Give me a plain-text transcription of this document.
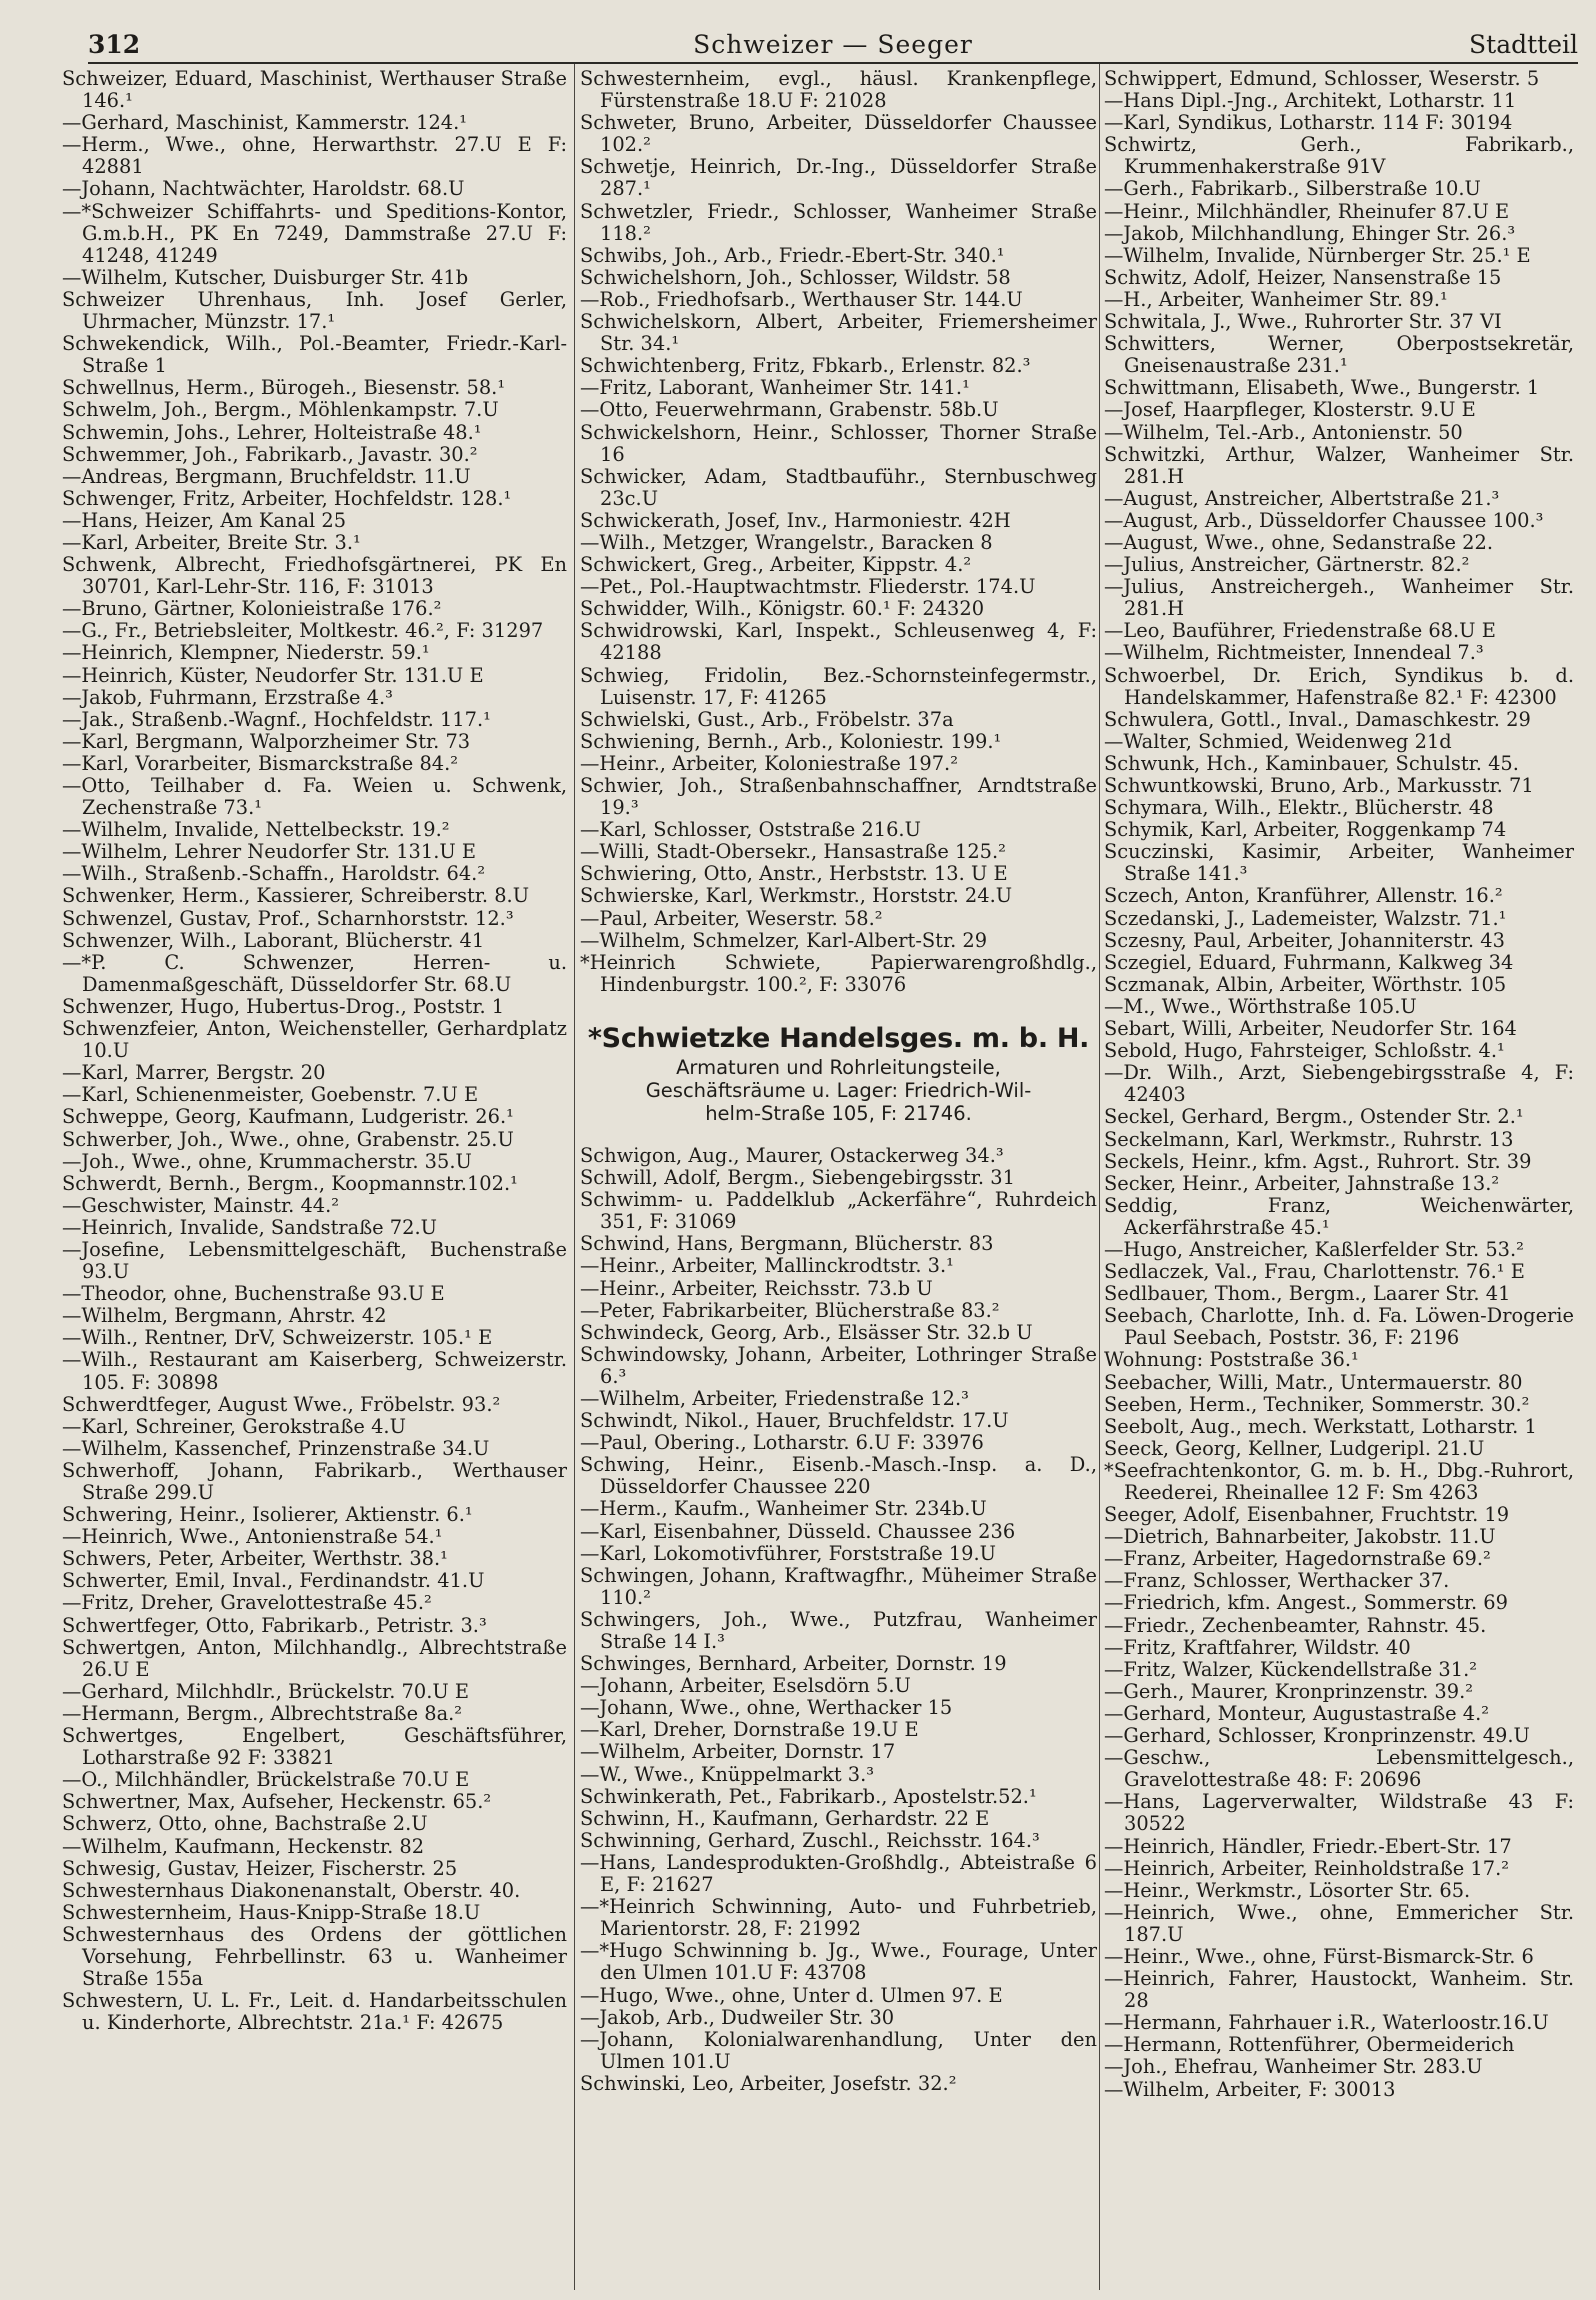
312	Schweizer — Seeger	Stadtteil

Schweizer, Eduard, Maschinist, Werthauser Straße 146.¹

—Gerhard, Maschinist, Kammerstr. 124.¹

—Herm., Wwe., ohne, Herwarthstr. 27.U E F: 42881

—Johann, Nachtwächter, Haroldstr. 68.U

—*Schweizer Schiffahrts- und Speditions-Kontor, G.m.b.H., PK En 7249, Dammstraße 27.U F: 41248, 41249

—Wilhelm, Kutscher, Duisburger Str. 41b

Schweizer Uhrenhaus, Inh. Josef Gerler, Uhrmacher, Münzstr. 17.¹

Schwekendick, Wilh., Pol.-Beamter, Friedr.-Karl-Straße 1

Schwellnus, Herm., Bürogeh., Biesenstr. 58.¹

Schwelm, Joh., Bergm., Möhlenkampstr. 7.U

Schwemin, Johs., Lehrer, Holteistraße 48.¹

Schwemmer, Joh., Fabrikarb., Javastr. 30.²

—Andreas, Bergmann, Bruchfeldstr. 11.U

Schwenger, Fritz, Arbeiter, Hochfeldstr. 128.¹

—Hans, Heizer, Am Kanal 25

—Karl, Arbeiter, Breite Str. 3.¹

Schwenk, Albrecht, Friedhofsgärtnerei, PK En 30701, Karl-Lehr-Str. 116, F: 31013

—Bruno, Gärtner, Kolonieistraße 176.²

—G., Fr., Betriebsleiter, Moltkestr. 46.², F: 31297

—Heinrich, Klempner, Niederstr. 59.¹

—Heinrich, Küster, Neudorfer Str. 131.U E

—Jakob, Fuhrmann, Erzstraße 4.³

—Jak., Straßenb.-Wagnf., Hochfeldstr. 117.¹

—Karl, Bergmann, Walporzheimer Str. 73

—Karl, Vorarbeiter, Bismarckstraße 84.²

—Otto, Teilhaber d. Fa. Weien u. Schwenk, Zechenstraße 73.¹

—Wilhelm, Invalide, Nettelbeckstr. 19.²

—Wilhelm, Lehrer Neudorfer Str. 131.U E

—Wilh., Straßenb.-Schaffn., Haroldstr. 64.²

Schwenker, Herm., Kassierer, Schreiberstr. 8.U

Schwenzel, Gustav, Prof., Scharnhorststr. 12.³

Schwenzer, Wilh., Laborant, Blücherstr. 41

—*P. C. Schwenzer, Herren- u. Damenmaßgeschäft, Düsseldorfer Str. 68.U

Schwenzer, Hugo, Hubertus-Drog., Poststr. 1

Schwenzfeier, Anton, Weichensteller, Gerhardplatz 10.U

—Karl, Marrer, Bergstr. 20

—Karl, Schienenmeister, Goebenstr. 7.U E

Schweppe, Georg, Kaufmann, Ludgeristr. 26.¹

Schwerber, Joh., Wwe., ohne, Grabenstr. 25.U

—Joh., Wwe., ohne, Krummacherstr. 35.U

Schwerdt, Bernh., Bergm., Koopmannstr.102.¹

—Geschwister, Mainstr. 44.²

—Heinrich, Invalide, Sandstraße 72.U

—Josefine, Lebensmittelgeschäft, Buchenstraße 93.U

—Theodor, ohne, Buchenstraße 93.U E

—Wilhelm, Bergmann, Ahrstr. 42

—Wilh., Rentner, DrV, Schweizerstr. 105.¹ E

—Wilh., Restaurant am Kaiserberg, Schweizerstr. 105. F: 30898

Schwerdtfeger, August Wwe., Fröbelstr. 93.²

—Karl, Schreiner, Gerokstraße 4.U

—Wilhelm, Kassenchef, Prinzenstraße 34.U

Schwerhoff, Johann, Fabrikarb., Werthauser Straße 299.U

Schwering, Heinr., Isolierer, Aktienstr. 6.¹

—Heinrich, Wwe., Antonienstraße 54.¹

Schwers, Peter, Arbeiter, Werthstr. 38.¹

Schwerter, Emil, Inval., Ferdinandstr. 41.U

—Fritz, Dreher, Gravelottestraße 45.²

Schwertfeger, Otto, Fabrikarb., Petristr. 3.³

Schwertgen, Anton, Milchhandlg., Albrechtstraße 26.U E

—Gerhard, Milchhdlr., Brückelstr. 70.U E

—Hermann, Bergm., Albrechtstraße 8a.²

Schwertges, Engelbert, Geschäftsführer, Lotharstraße 92 F: 33821

—O., Milchhändler, Brückelstraße 70.U E

Schwertner, Max, Aufseher, Heckenstr. 65.²

Schwerz, Otto, ohne, Bachstraße 2.U

—Wilhelm, Kaufmann, Heckenstr. 82

Schwesig, Gustav, Heizer, Fischerstr. 25

Schwesternhaus Diakonenanstalt, Oberstr. 40.

Schwesternheim, Haus-Knipp-Straße 18.U

Schwesternhaus des Ordens der göttlichen Vorsehung, Fehrbellinstr. 63 u. Wanheimer Straße 155a

Schwestern, U. L. Fr., Leit. d. Handarbeitsschulen u. Kinderhorte, Albrechtstr. 21a.¹ F: 42675

Schwesternheim, evgl., häusl. Krankenpflege, Fürstenstraße 18.U F: 21028

Schweter, Bruno, Arbeiter, Düsseldorfer Chaussee 102.²

Schwetje, Heinrich, Dr.-Ing., Düsseldorfer Straße 287.¹

Schwetzler, Friedr., Schlosser, Wanheimer Straße 118.²

Schwibs, Joh., Arb., Friedr.-Ebert-Str. 340.¹

Schwichelshorn, Joh., Schlosser, Wildstr. 58

—Rob., Friedhofsarb., Werthauser Str. 144.U

Schwichelskorn, Albert, Arbeiter, Friemersheimer Str. 34.¹

Schwichtenberg, Fritz, Fbkarb., Erlenstr. 82.³

—Fritz, Laborant, Wanheimer Str. 141.¹

—Otto, Feuerwehrmann, Grabenstr. 58b.U

Schwickelshorn, Heinr., Schlosser, Thorner Straße 16

Schwicker, Adam, Stadtbauführ., Sternbuschweg 23c.U

Schwickerath, Josef, Inv., Harmoniestr. 42H

—Wilh., Metzger, Wrangelstr., Baracken 8

Schwickert, Greg., Arbeiter, Kippstr. 4.²

—Pet., Pol.-Hauptwachtmstr. Fliederstr. 174.U

Schwidder, Wilh., Königstr. 60.¹ F: 24320

Schwidrowski, Karl, Inspekt., Schleusenweg 4, F: 42188

Schwieg, Fridolin, Bez.-Schornsteinfegermstr., Luisenstr. 17, F: 41265

Schwielski, Gust., Arb., Fröbelstr. 37a

Schwiening, Bernh., Arb., Koloniestr. 199.¹

—Heinr., Arbeiter, Koloniestraße 197.²

Schwier, Joh., Straßenbahnschaffner, Arndtstraße 19.³

—Karl, Schlosser, Oststraße 216.U

—Willi, Stadt-Obersekr., Hansastraße 125.²

Schwiering, Otto, Anstr., Herbststr. 13. U E

Schwierske, Karl, Werkmstr., Horststr. 24.U

—Paul, Arbeiter, Weserstr. 58.²

—Wilhelm, Schmelzer, Karl-Albert-Str. 29

*Heinrich Schwiete, Papierwarengroßhdlg., Hindenburgstr. 100.², F: 33076

*Schwietzke Handelsges. m. b. H.
Armaturen und Rohrleitungsteile,
Geschäftsräume u. Lager: Friedrich-Wil-
helm-Straße 105, F: 21746.

Schwigon, Aug., Maurer, Ostackerweg 34.³

Schwill, Adolf, Bergm., Siebengebirgsstr. 31

Schwimm- u. Paddelklub „Ackerfähre“, Ruhrdeich 351, F: 31069

Schwind, Hans, Bergmann, Blücherstr. 83

—Heinr., Arbeiter, Mallinckrodtstr. 3.¹

—Heinr., Arbeiter, Reichsstr. 73.b U

—Peter, Fabrikarbeiter, Blücherstraße 83.²

Schwindeck, Georg, Arb., Elsässer Str. 32.b U

Schwindowsky, Johann, Arbeiter, Lothringer Straße 6.³

—Wilhelm, Arbeiter, Friedenstraße 12.³

Schwindt, Nikol., Hauer, Bruchfeldstr. 17.U

—Paul, Obering., Lotharstr. 6.U F: 33976

Schwing, Heinr., Eisenb.-Masch.-Insp. a. D., Düsseldorfer Chaussee 220

—Herm., Kaufm., Wanheimer Str. 234b.U

—Karl, Eisenbahner, Düsseld. Chaussee 236

—Karl, Lokomotivführer, Forststraße 19.U

Schwingen, Johann, Kraftwagfhr., Müheimer Straße 110.²

Schwingers, Joh., Wwe., Putzfrau, Wanheimer Straße 14 I.³

Schwinges, Bernhard, Arbeiter, Dornstr. 19

—Johann, Arbeiter, Eselsdörn 5.U

—Johann, Wwe., ohne, Werthacker 15

—Karl, Dreher, Dornstraße 19.U E

—Wilhelm, Arbeiter, Dornstr. 17

—W., Wwe., Knüppelmarkt 3.³

Schwinkerath, Pet., Fabrikarb., Apostelstr.52.¹

Schwinn, H., Kaufmann, Gerhardstr. 22 E

Schwinning, Gerhard, Zuschl., Reichsstr. 164.³

—Hans, Landesprodukten-Großhdlg., Abteistraße 6 E, F: 21627

—*Heinrich Schwinning, Auto- und Fuhrbetrieb, Marientorstr. 28, F: 21992

—*Hugo Schwinning b. Jg., Wwe., Fourage, Unter den Ulmen 101.U F: 43708

—Hugo, Wwe., ohne, Unter d. Ulmen 97. E

—Jakob, Arb., Dudweiler Str. 30

—Johann, Kolonialwarenhandlung, Unter den Ulmen 101.U

Schwinski, Leo, Arbeiter, Josefstr. 32.²

Schwippert, Edmund, Schlosser, Weserstr. 5

—Hans Dipl.-Jng., Architekt, Lotharstr. 11

—Karl, Syndikus, Lotharstr. 114 F: 30194

Schwirtz, Gerh., Fabrikarb., Krummenhakerstraße 91V

—Gerh., Fabrikarb., Silberstraße 10.U

—Heinr., Milchhändler, Rheinufer 87.U E

—Jakob, Milchhandlung, Ehinger Str. 26.³

—Wilhelm, Invalide, Nürnberger Str. 25.¹ E

Schwitz, Adolf, Heizer, Nansenstraße 15

—H., Arbeiter, Wanheimer Str. 89.¹

Schwitala, J., Wwe., Ruhrorter Str. 37 VI

Schwitters, Werner, Oberpostsekretär, Gneisenaustraße 231.¹

Schwittmann, Elisabeth, Wwe., Bungerstr. 1

—Josef, Haarpfleger, Klosterstr. 9.U E

—Wilhelm, Tel.-Arb., Antonienstr. 50

Schwitzki, Arthur, Walzer, Wanheimer Str. 281.H

—August, Anstreicher, Albertstraße 21.³

—August, Arb., Düsseldorfer Chaussee 100.³

—August, Wwe., ohne, Sedanstraße 22.

—Julius, Anstreicher, Gärtnerstr. 82.²

—Julius, Anstreichergeh., Wanheimer Str. 281.H

—Leo, Bauführer, Friedenstraße 68.U E

—Wilhelm, Richtmeister, Innendeal 7.³

Schwoerbel, Dr. Erich, Syndikus b. d. Handelskammer, Hafenstraße 82.¹ F: 42300

Schwulera, Gottl., Inval., Damaschkestr. 29

—Walter, Schmied, Weidenweg 21d

Schwunk, Hch., Kaminbauer, Schulstr. 45.

Schwuntkowski, Bruno, Arb., Markusstr. 71

Schymara, Wilh., Elektr., Blücherstr. 48

Schymik, Karl, Arbeiter, Roggenkamp 74

Scuczinski, Kasimir, Arbeiter, Wanheimer Straße 141.³

Sczech, Anton, Kranführer, Allenstr. 16.²

Sczedanski, J., Lademeister, Walzstr. 71.¹

Sczesny, Paul, Arbeiter, Johanniterstr. 43

Sczegiel, Eduard, Fuhrmann, Kalkweg 34

Sczmanak, Albin, Arbeiter, Wörthstr. 105

—M., Wwe., Wörthstraße 105.U

Sebart, Willi, Arbeiter, Neudorfer Str. 164

Sebold, Hugo, Fahrsteiger, Schloßstr. 4.¹

—Dr. Wilh., Arzt, Siebengebirgsstraße 4, F: 42403

Seckel, Gerhard, Bergm., Ostender Str. 2.¹

Seckelmann, Karl, Werkmstr., Ruhrstr. 13

Seckels, Heinr., kfm. Agst., Ruhrort. Str. 39

Secker, Heinr., Arbeiter, Jahnstraße 13.²

Seddig, Franz, Weichenwärter, Ackerfährstraße 45.¹

—Hugo, Anstreicher, Kaßlerfelder Str. 53.²

Sedlaczek, Val., Frau, Charlottenstr. 76.¹ E

Sedlbauer, Thom., Bergm., Laarer Str. 41

Seebach, Charlotte, Inh. d. Fa. Löwen-Drogerie Paul Seebach, Poststr. 36, F: 2196

Wohnung: Poststraße 36.¹

Seebacher, Willi, Matr., Untermauerstr. 80

Seeben, Herm., Techniker, Sommerstr. 30.²

Seebolt, Aug., mech. Werkstatt, Lotharstr. 1

Seeck, Georg, Kellner, Ludgeripl. 21.U

*Seefrachtenkontor, G. m. b. H., Dbg.-Ruhrort, Reederei, Rheinallee 12 F: Sm 4263

Seeger, Adolf, Eisenbahner, Fruchtstr. 19

—Dietrich, Bahnarbeiter, Jakobstr. 11.U

—Franz, Arbeiter, Hagedornstraße 69.²

—Franz, Schlosser, Werthacker 37.

—Friedrich, kfm. Angest., Sommerstr. 69

—Friedr., Zechenbeamter, Rahnstr. 45.

—Fritz, Kraftfahrer, Wildstr. 40

—Fritz, Walzer, Kückendellstraße 31.²

—Gerh., Maurer, Kronprinzenstr. 39.²

—Gerhard, Monteur, Augustastraße 4.²

—Gerhard, Schlosser, Kronprinzenstr. 49.U

—Geschw., Lebensmittelgesch., Gravelottestraße 48: F: 20696

—Hans, Lagerverwalter, Wildstraße 43 F: 30522

—Heinrich, Händler, Friedr.-Ebert-Str. 17

—Heinrich, Arbeiter, Reinholdstraße 17.²

—Heinr., Werkmstr., Lösorter Str. 65.

—Heinrich, Wwe., ohne, Emmericher Str. 187.U

—Heinr., Wwe., ohne, Fürst-Bismarck-Str. 6

—Heinrich, Fahrer, Haustockt, Wanheim. Str. 28

—Hermann, Fahrhauer i.R., Waterloostr.16.U

—Hermann, Rottenführer, Obermeiderich

—Joh., Ehefrau, Wanheimer Str. 283.U

—Wilhelm, Arbeiter, F: 30013
